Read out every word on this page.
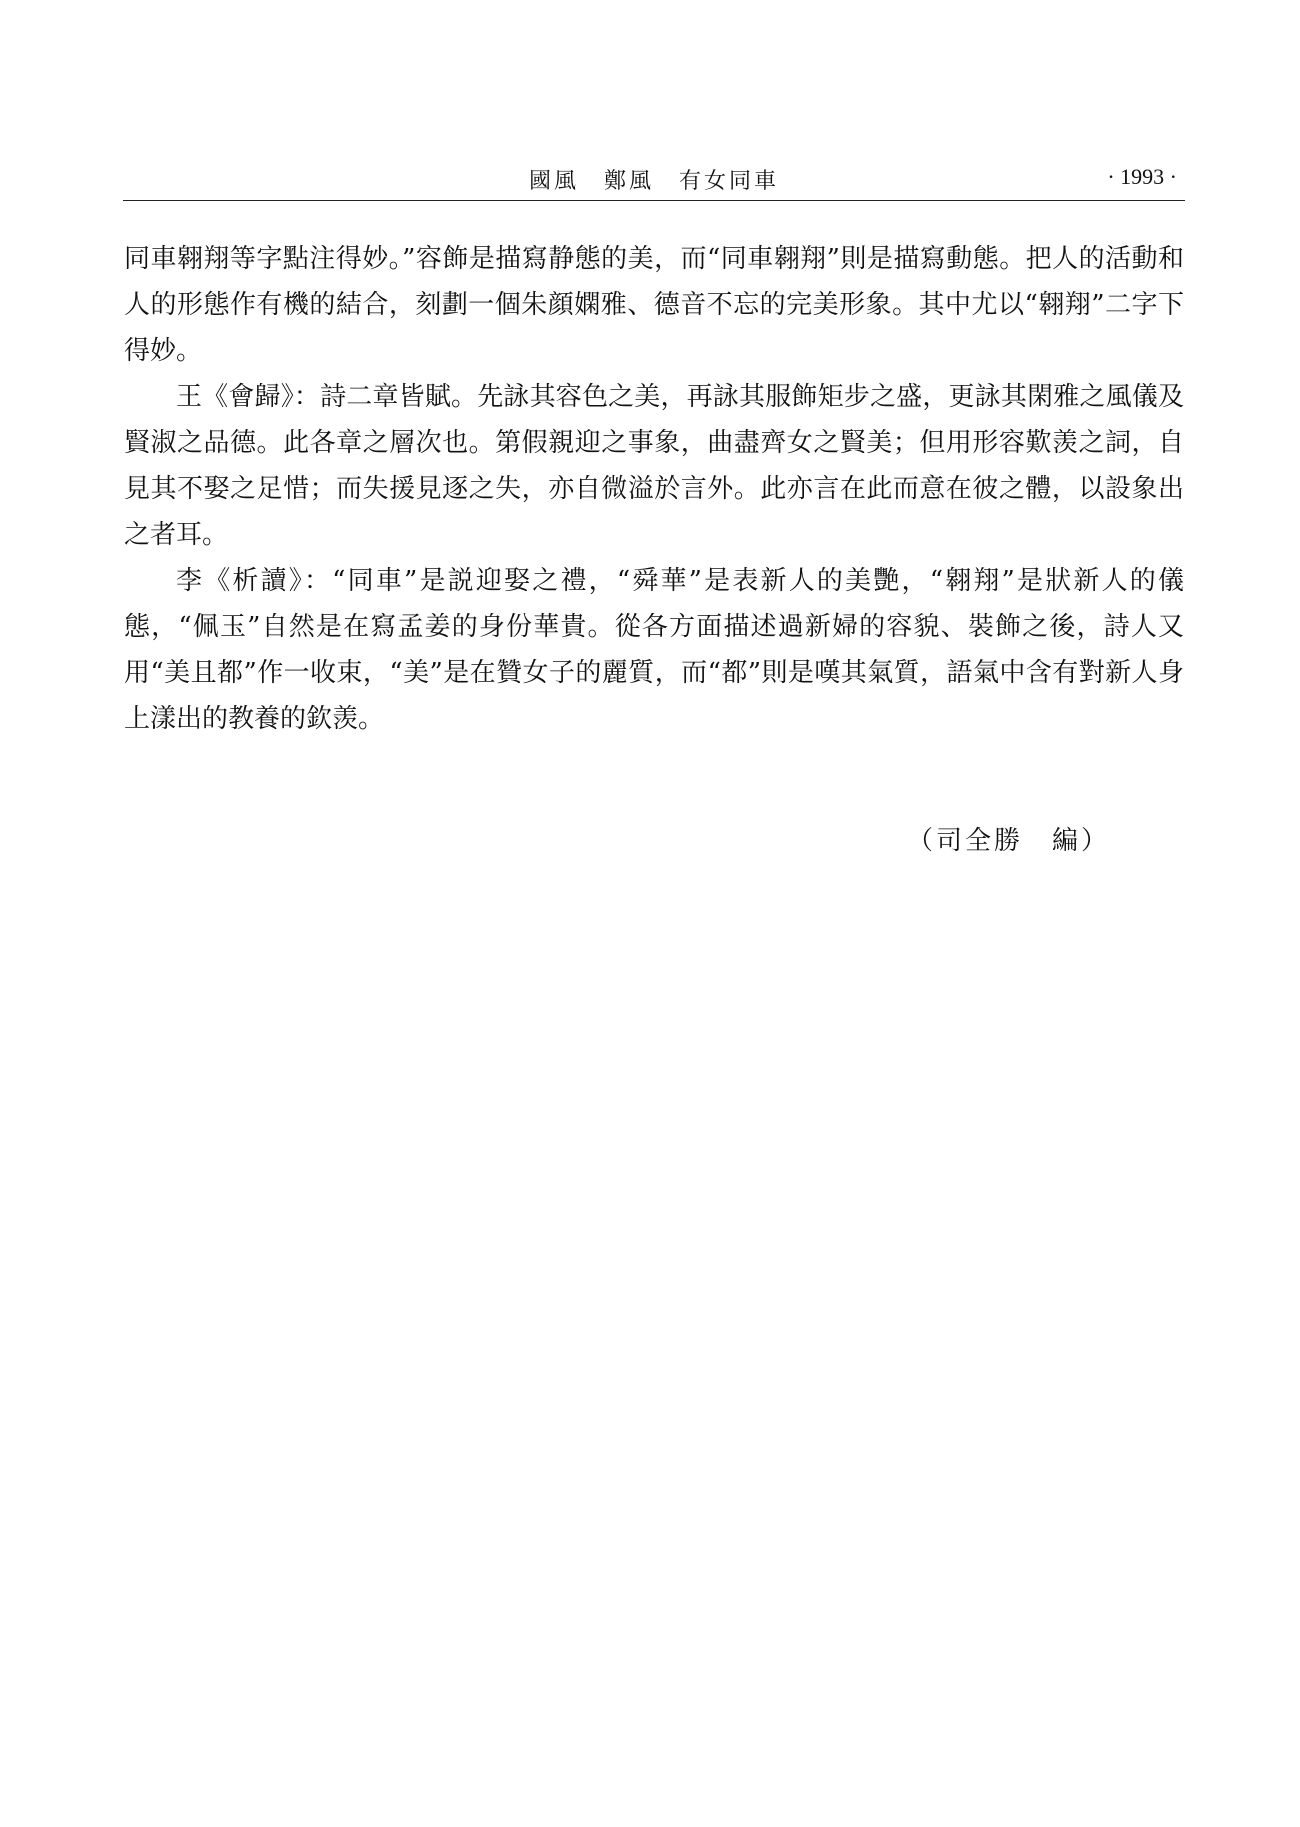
國風　鄭風　有女同車	· 1993 ·

同車翱翔等字點注得妙。”容飾是描寫静態的美，而“同車翱翔”則是描寫動態。把人的活動和人的形態作有機的結合，刻劃一個朱顔嫻雅、德音不忘的完美形象。其中尤以“翱翔”二字下得妙。

王《會歸》：詩二章皆賦。先詠其容色之美，再詠其服飾矩步之盛，更詠其閑雅之風儀及賢淑之品德。此各章之層次也。第假親迎之事象，曲盡齊女之賢美；但用形容歎羡之詞，自見其不娶之足惜；而失援見逐之失，亦自微溢於言外。此亦言在此而意在彼之體，以設象出之者耳。

李《析讀》：“同車”是説迎娶之禮，“舜華”是表新人的美艷，“翱翔”是狀新人的儀態，“佩玉”自然是在寫孟姜的身份華貴。從各方面描述過新婦的容貌、裝飾之後，詩人又用“美且都”作一收束，“美”是在贊女子的麗質，而“都”則是嘆其氣質，語氣中含有對新人身上漾出的教養的欽羡。

（司全勝　編）
